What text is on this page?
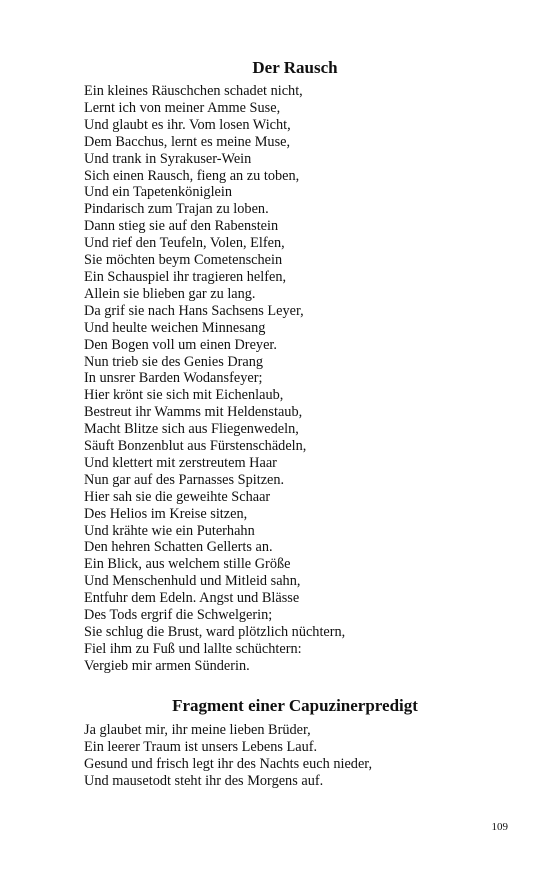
Der Rausch
Ein kleines Räuschchen schadet nicht,
Lernt ich von meiner Amme Suse,
Und glaubt es ihr. Vom losen Wicht,
Dem Bacchus, lernt es meine Muse,
Und trank in Syrakuser-Wein
Sich einen Rausch, fieng an zu toben,
Und ein Tapetenköniglein
Pindarisch zum Trajan zu loben.
Dann stieg sie auf den Rabenstein
Und rief den Teufeln, Volen, Elfen,
Sie möchten beym Cometenschein
Ein Schauspiel ihr tragieren helfen,
Allein sie blieben gar zu lang.
Da grif sie nach Hans Sachsens Leyer,
Und heulte weichen Minnesang
Den Bogen voll um einen Dreyer.
Nun trieb sie des Genies Drang
In unsrer Barden Wodansfeyer;
Hier krönt sie sich mit Eichenlaub,
Bestreut ihr Wamms mit Heldenstaub,
Macht Blitze sich aus Fliegenwedeln,
Säuft Bonzenblut aus Fürstenschädeln,
Und klettert mit zerstreutem Haar
Nun gar auf des Parnasses Spitzen.
Hier sah sie die geweihte Schaar
Des Helios im Kreise sitzen,
Und krähte wie ein Puterhahn
Den hehren Schatten Gellerts an.
Ein Blick, aus welchem stille Größe
Und Menschenhuld und Mitleid sahn,
Entfuhr dem Edeln. Angst und Blässe
Des Tods ergrif die Schwelgerin;
Sie schlug die Brust, ward plötzlich nüchtern,
Fiel ihm zu Fuß und lallte schüchtern:
Vergieb mir armen Sünderin.
Fragment einer Capuzinerpredigt
Ja glaubet mir, ihr meine lieben Brüder,
Ein leerer Traum ist unsers Lebens Lauf.
Gesund und frisch legt ihr des Nachts euch nieder,
Und mausetodt steht ihr des Morgens auf.
109
